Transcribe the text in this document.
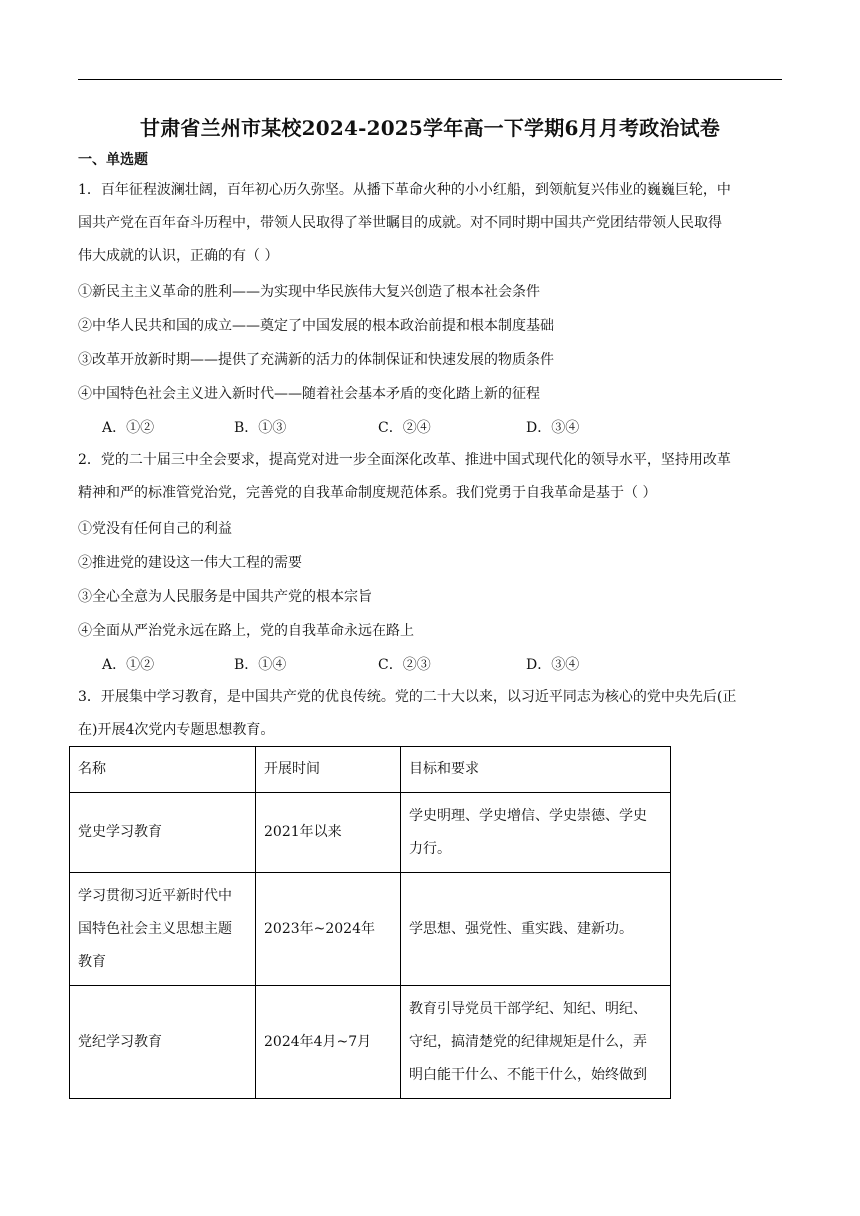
甘肃省兰州市某校2024-2025学年高一下学期6月月考政治试卷
一、单选题
1．百年征程波澜壮阔，百年初心历久弥坚。从播下革命火种的小小红船，到领航复兴伟业的巍巍巨轮，中
国共产党在百年奋斗历程中，带领人民取得了举世瞩目的成就。对不同时期中国共产党团结带领人民取得
伟大成就的认识，正确的有（ ）
①新民主主义革命的胜利——为实现中华民族伟大复兴创造了根本社会条件
②中华人民共和国的成立——奠定了中国发展的根本政治前提和根本制度基础
③改革开放新时期——提供了充满新的活力的体制保证和快速发展的物质条件
④中国特色社会主义进入新时代——随着社会基本矛盾的变化踏上新的征程
A．①②	B．①③	C．②④	D．③④
2．党的二十届三中全会要求，提高党对进一步全面深化改革、推进中国式现代化的领导水平，坚持用改革
精神和严的标准管党治党，完善党的自我革命制度规范体系。我们党勇于自我革命是基于（ ）
①党没有任何自己的利益
②推进党的建设这一伟大工程的需要
③全心全意为人民服务是中国共产党的根本宗旨
④全面从严治党永远在路上，党的自我革命永远在路上
A．①②	B．①④	C．②③	D．③④
3．开展集中学习教育，是中国共产党的优良传统。党的二十大以来，以习近平同志为核心的党中央先后(正
在)开展4次党内专题思想教育。
名称	开展时间	目标和要求

党史学习教育	2021年以来	学史明理、学史增信、学史崇德、学史
力行。

学习贯彻习近平新时代中
国特色社会主义思想主题
教育	2023年~2024年	学思想、强党性、重实践、建新功。

党纪学习教育	2024年4月~7月	教育引导党员干部学纪、知纪、明纪、
守纪，搞清楚党的纪律规矩是什么，弄
明白能干什么、不能干什么，始终做到
